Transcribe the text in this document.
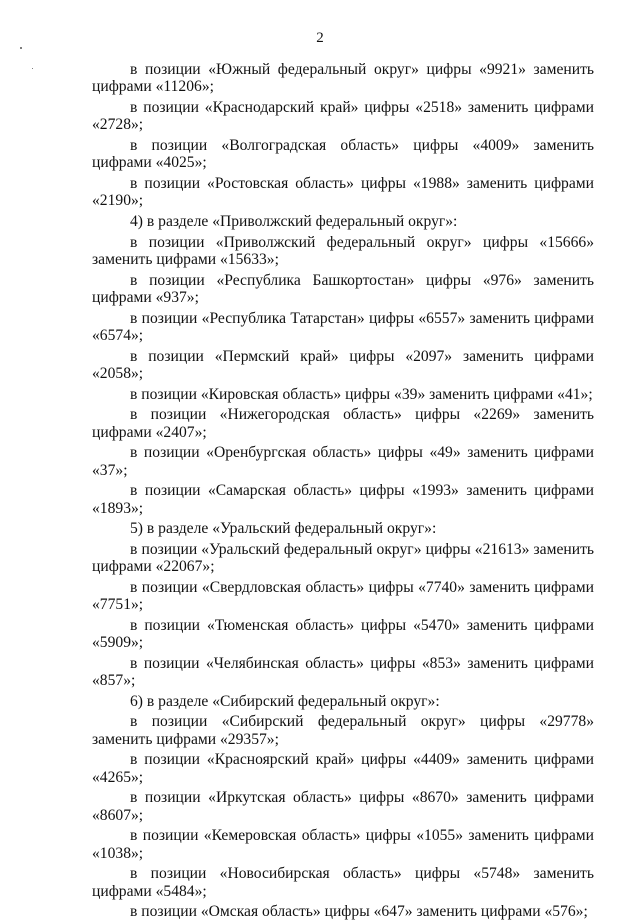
2

в позиции «Южный федеральный округ» цифры «9921» заменить цифрами «11206»;

в позиции «Краснодарский край» цифры «2518» заменить цифрами «2728»;

в позиции «Волгоградская область» цифры «4009» заменить цифрами «4025»;

в позиции «Ростовская область» цифры «1988» заменить цифрами «2190»;

4) в разделе «Приволжский федеральный округ»:

в позиции «Приволжский федеральный округ» цифры «15666» заменить цифрами «15633»;

в позиции «Республика Башкортостан» цифры «976» заменить цифрами «937»;

в позиции «Республика Татарстан» цифры «6557» заменить цифрами «6574»;

в позиции «Пермский край» цифры «2097» заменить цифрами «2058»;

в позиции «Кировская область» цифры «39» заменить цифрами «41»;

в позиции «Нижегородская область» цифры «2269» заменить цифрами «2407»;

в позиции «Оренбургская область» цифры «49» заменить цифрами «37»;

в позиции «Самарская область» цифры «1993» заменить цифрами «1893»;

5) в разделе «Уральский федеральный округ»:

в позиции «Уральский федеральный округ» цифры «21613» заменить цифрами «22067»;

в позиции «Свердловская область» цифры «7740» заменить цифрами «7751»;

в позиции «Тюменская область» цифры «5470» заменить цифрами «5909»;

в позиции «Челябинская область» цифры «853» заменить цифрами «857»;

6) в разделе «Сибирский федеральный округ»:

в позиции «Сибирский федеральный округ» цифры «29778» заменить цифрами «29357»;

в позиции «Красноярский край» цифры «4409» заменить цифрами «4265»;

в позиции «Иркутская область» цифры «8670» заменить цифрами «8607»;

в позиции «Кемеровская область» цифры «1055» заменить цифрами «1038»;

в позиции «Новосибирская область» цифры «5748» заменить цифрами «5484»;

в позиции «Омская область» цифры «647» заменить цифрами «576»;
